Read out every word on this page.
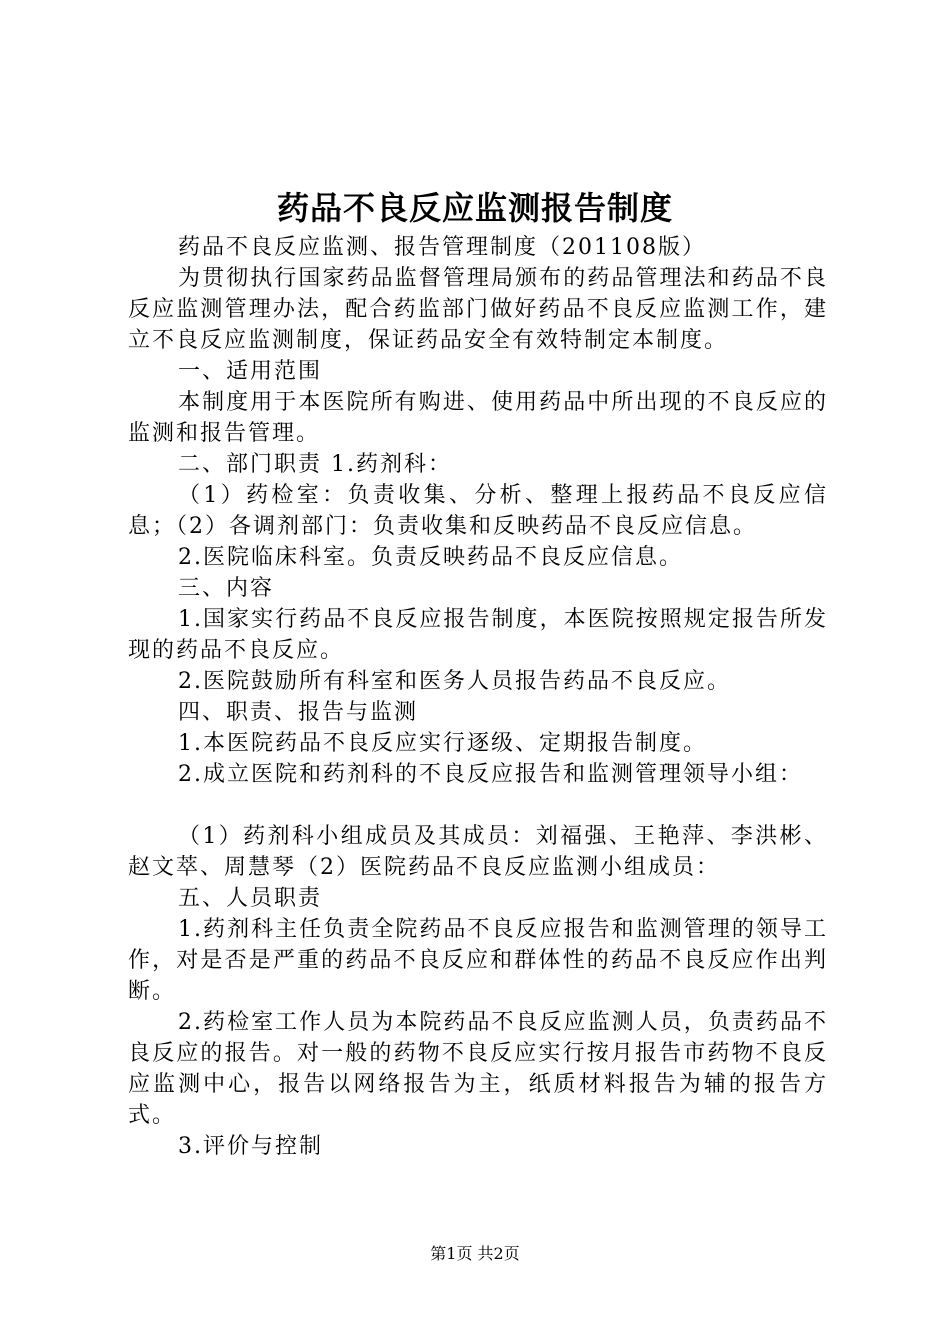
药品不良反应监测报告制度

药品不良反应监测、报告管理制度（201108版）

为贯彻执行国家药品监督管理局颁布的药品管理法和药品不良反应监测管理办法，配合药监部门做好药品不良反应监测工作，建立不良反应监测制度，保证药品安全有效特制定本制度。

一、适用范围

本制度用于本医院所有购进、使用药品中所出现的不良反应的监测和报告管理。

二、部门职责 1.药剂科：

（1）药检室：负责收集、分析、整理上报药品不良反应信息；（2）各调剂部门：负责收集和反映药品不良反应信息。

2.医院临床科室。负责反映药品不良反应信息。

三、内容

1.国家实行药品不良反应报告制度，本医院按照规定报告所发现的药品不良反应。

2.医院鼓励所有科室和医务人员报告药品不良反应。

四、职责、报告与监测

1.本医院药品不良反应实行逐级、定期报告制度。

2.成立医院和药剂科的不良反应报告和监测管理领导小组：

（1）药剂科小组成员及其成员：刘福强、王艳萍、李洪彬、赵文萃、周慧琴（2）医院药品不良反应监测小组成员：

五、人员职责

1.药剂科主任负责全院药品不良反应报告和监测管理的领导工作，对是否是严重的药品不良反应和群体性的药品不良反应作出判断。

2.药检室工作人员为本院药品不良反应监测人员，负责药品不良反应的报告。对一般的药物不良反应实行按月报告市药物不良反应监测中心，报告以网络报告为主，纸质材料报告为辅的报告方式。

3.评价与控制

第1页 共2页
